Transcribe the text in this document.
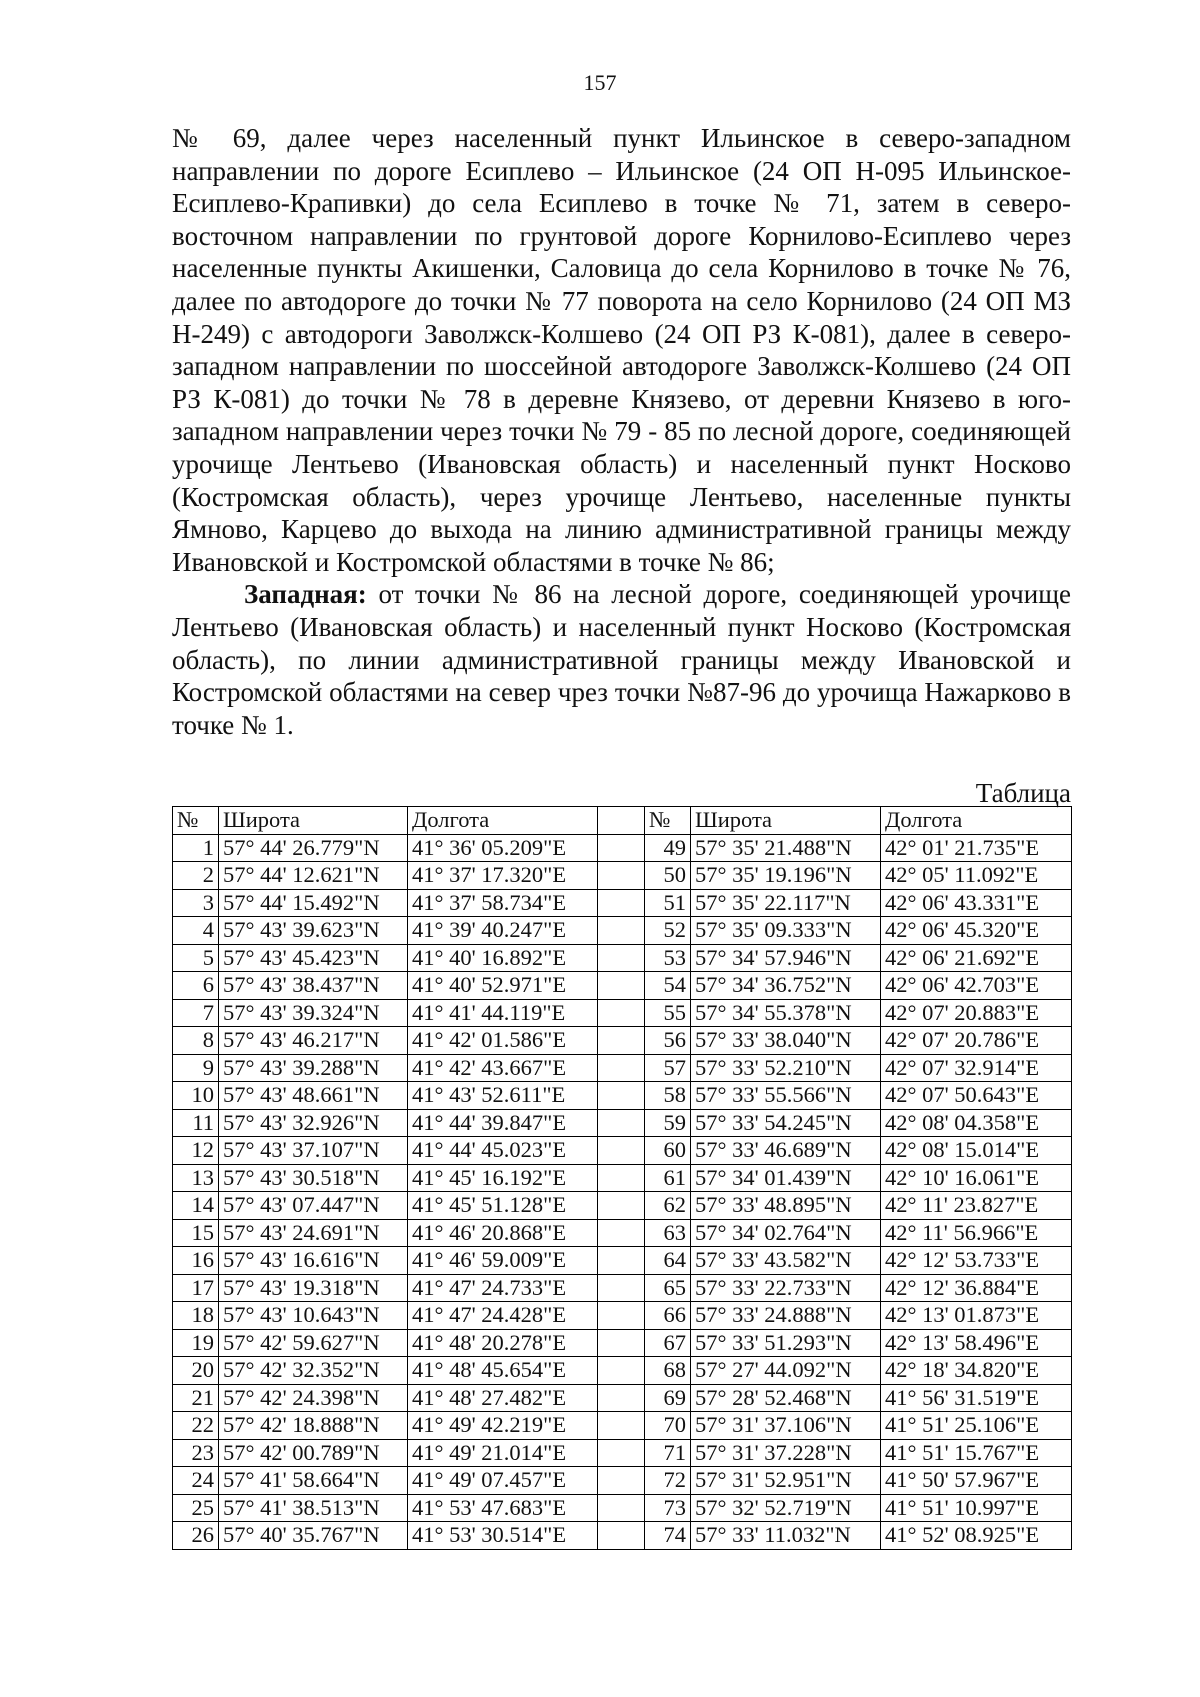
157

№ 69, далее через населенный пункт Ильинское в северо-западном направлении по дороге Есиплево – Ильинское (24 ОП Н-095 Ильинское-Есиплево-Крапивки) до села Есиплево в точке № 71, затем в северо-восточном направлении по грунтовой дороге Корнилово-Есиплево через населенные пункты Акишенки, Саловица до села Корнилово в точке № 76, далее по автодороге до точки № 77 поворота на село Корнилово (24 ОП МЗ Н-249) с автодороги Заволжск-Колшево (24 ОП РЗ К-081), далее в северо-западном направлении по шоссейной автодороге Заволжск-Колшево (24 ОП РЗ К-081) до точки № 78 в деревне Князево, от деревни Князево в юго-западном направлении через точки № 79 - 85 по лесной дороге, соединяющей урочище Лентьево (Ивановская область) и населенный пункт Носково (Костромская область), через урочище Лентьево, населенные пункты Ямново, Карцево до выхода на линию административной границы между Ивановской и Костромской областями в точке № 86;

Западная: от точки № 86 на лесной дороге, соединяющей урочище Лентьево (Ивановская область) и населенный пункт Носково (Костромская область), по линии административной границы между Ивановской и Костромской областями на север чрез точки №87-96 до урочища Нажарково в точке № 1.

Таблица
№	Широта	Долгота		№	Широта	Долгота
1	57° 44' 26.779"N	41° 36' 05.209"E		49	57° 35' 21.488"N	42° 01' 21.735"E
2	57° 44' 12.621"N	41° 37' 17.320"E		50	57° 35' 19.196"N	42° 05' 11.092"E
3	57° 44' 15.492"N	41° 37' 58.734"E		51	57° 35' 22.117"N	42° 06' 43.331"E
4	57° 43' 39.623"N	41° 39' 40.247"E		52	57° 35' 09.333"N	42° 06' 45.320"E
5	57° 43' 45.423"N	41° 40' 16.892"E		53	57° 34' 57.946"N	42° 06' 21.692"E
6	57° 43' 38.437"N	41° 40' 52.971"E		54	57° 34' 36.752"N	42° 06' 42.703"E
7	57° 43' 39.324"N	41° 41' 44.119"E		55	57° 34' 55.378"N	42° 07' 20.883"E
8	57° 43' 46.217"N	41° 42' 01.586"E		56	57° 33' 38.040"N	42° 07' 20.786"E
9	57° 43' 39.288"N	41° 42' 43.667"E		57	57° 33' 52.210"N	42° 07' 32.914"E
10	57° 43' 48.661"N	41° 43' 52.611"E		58	57° 33' 55.566"N	42° 07' 50.643"E
11	57° 43' 32.926"N	41° 44' 39.847"E		59	57° 33' 54.245"N	42° 08' 04.358"E
12	57° 43' 37.107"N	41° 44' 45.023"E		60	57° 33' 46.689"N	42° 08' 15.014"E
13	57° 43' 30.518"N	41° 45' 16.192"E		61	57° 34' 01.439"N	42° 10' 16.061"E
14	57° 43' 07.447"N	41° 45' 51.128"E		62	57° 33' 48.895"N	42° 11' 23.827"E
15	57° 43' 24.691"N	41° 46' 20.868"E		63	57° 34' 02.764"N	42° 11' 56.966"E
16	57° 43' 16.616"N	41° 46' 59.009"E		64	57° 33' 43.582"N	42° 12' 53.733"E
17	57° 43' 19.318"N	41° 47' 24.733"E		65	57° 33' 22.733"N	42° 12' 36.884"E
18	57° 43' 10.643"N	41° 47' 24.428"E		66	57° 33' 24.888"N	42° 13' 01.873"E
19	57° 42' 59.627"N	41° 48' 20.278"E		67	57° 33' 51.293"N	42° 13' 58.496"E
20	57° 42' 32.352"N	41° 48' 45.654"E		68	57° 27' 44.092"N	42° 18' 34.820"E
21	57° 42' 24.398"N	41° 48' 27.482"E		69	57° 28' 52.468"N	41° 56' 31.519"E
22	57° 42' 18.888"N	41° 49' 42.219"E		70	57° 31' 37.106"N	41° 51' 25.106"E
23	57° 42' 00.789"N	41° 49' 21.014"E		71	57° 31' 37.228"N	41° 51' 15.767"E
24	57° 41' 58.664"N	41° 49' 07.457"E		72	57° 31' 52.951"N	41° 50' 57.967"E
25	57° 41' 38.513"N	41° 53' 47.683"E		73	57° 32' 52.719"N	41° 51' 10.997"E
26	57° 40' 35.767"N	41° 53' 30.514"E		74	57° 33' 11.032"N	41° 52' 08.925"E
